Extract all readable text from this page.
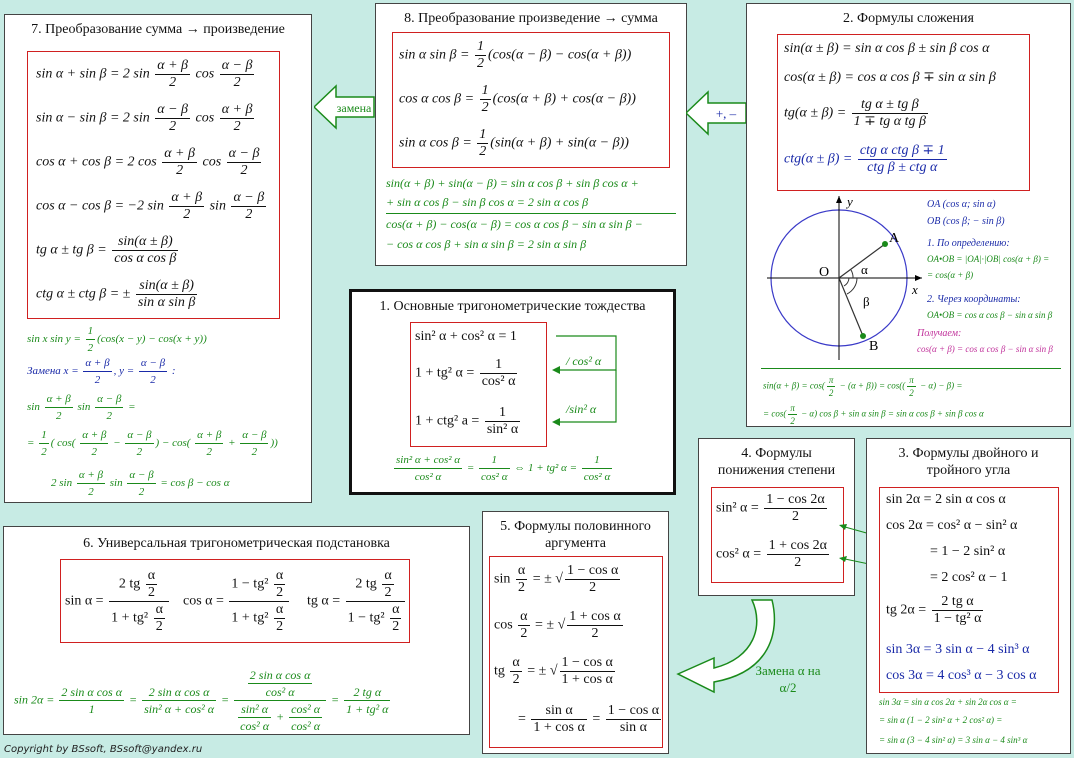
7. Преобразование сумма → произведение
sin α + sin β = 2 $\sin \frac{\alpha + \beta}{2}$ $\cos \frac{\alpha - \beta}{2}$
sin α − sin β = 2 $\sin \frac{\alpha - \beta}{2}$ $\cos \frac{\alpha + \beta}{2}$
cos α + cos β = 2 $\cos \frac{\alpha + \beta}{2}$ $\cos \frac{\alpha - \beta}{2}$
cos α − cos β = −2 $\sin \frac{\alpha + \beta}{2}$ $\sin \frac{\alpha - \beta}{2}$
tg α ± tg $\beta = \frac{\sin(\alpha \pm \beta)}{\text{cos α cos β}}$
ctg α ± ctg β = ± $\frac{\sin(\alpha \pm \beta)}{\text{sin α sin β}}$
sin x $\sin y = \frac{1}{2} (\cos(x - y) - \cos(x + y))$
Замена $x = \frac{\alpha + \beta}{2}$ , $y = \frac{\alpha - \beta}{2}$ :
$\sin \frac{\alpha + \beta}{2}$ $\sin \frac{\alpha - \beta}{2}$ =
= $\frac{1}{2}$ ( $\cos( \frac{\alpha + \beta}{2} - \frac{\alpha - \beta}{2}$ ) − $\cos( \frac{\alpha + \beta}{2} + \frac{\alpha - \beta}{2}$ ))
2 $\sin \frac{\alpha + \beta}{2}$ $\sin \frac{\alpha - \beta}{2} = \cos \beta - \cos \alpha$
замена
8. Преобразование произведение → сумма
sin α $\sin \beta = \frac{1}{2} (\cos(\alpha - \beta) - \cos(\alpha + \beta))$
cos α $\cos \beta = \frac{1}{2} (\cos(\alpha + \beta) + \cos(\alpha - \beta))$
sin α $\cos \beta = \frac{1}{2} (\sin(\alpha + \beta) + \sin(\alpha - \beta))$
sin(α + β) + sin(α − β) = sin α cos β + sin β cos α +
+ sin α cos β − sin β cos α = 2 sin α cos β
cos(α + β) − cos(α − β) = cos α cos β − sin α sin β −
− cos α cos β + sin α sin β = 2 sin α sin β
+, –
2. Формулы сложения
sin(α ± β) = sin α cos β ± sin β cos α
cos(α ± β) = cos α cos β ∓ sin α sin β
$tg(\alpha \pm \beta) = \frac{\text{tg α ± tg β}}{\text{1 ∓ tg α tg β}}$
$ctg(\alpha \pm \beta) = \frac{\text{ctg α ctg β ∓ 1}}{\text{ctg β ± ctg α}}$
y
x
O
A
B
α
β
OA (cos α; sin α)
OB (cos β; − sin β)
1. По определению:
OA•OB = |OA|·|OB| cos(α + β) =
= cos(α + β)
2. Через координаты:
OA•OB = cos α cos β − sin α sin β
Получаем:
cos(α + β) = cos α cos β − sin α sin β
$\sin(\alpha + \beta) = \cos( \frac{\pi}{2} - (\alpha + \beta)) = \cos(( \frac{\pi}{2} - \alpha) - \beta)$ =
= $\cos( \frac{\pi}{2} - \alpha)$ cos β + sin α sin β = sin α cos β + sin β cos α
1. Основные тригонометрические тождества
sin² α + cos² α = 1
1 + tg² $\alpha = \frac{1}{\text{cos² α}}$
1 + ctg² $a = \frac{1}{\text{sin² α}}$
/ cos² α
/sin² α
$\frac{\text{sin² α + cos² α}}{\text{cos² α}} = \frac{1}{\text{cos² α}}$ ⇔ 1 + tg² $\alpha = \frac{1}{\text{cos² α}}$	4. Формулы понижения степени
sin² $\alpha = \frac{1 - \cos 2\alpha}{2}$
cos² $\alpha = \frac{1 + \cos 2\alpha}{2}$
3. Формулы двойного и тройного угла
sin 2α = 2 sin α cos α
cos 2α = cos² α − sin² α
= 1 − 2 sin² α
= 2 cos² α − 1
tg $2\alpha = \frac{\text{2 tg α}}{\text{1 − tg² α}}$
sin 3α = 3 sin α − 4 sin³ α
cos 3α = 4 cos³ α − 3 cos α
sin 3α = sin α cos 2α + sin 2α cos α =
= sin α (1 − 2 sin² α + 2 cos² α) =
= sin α (3 − 4 sin² α) = 3 sin α − 4 sin³ α
6. Универсальная тригонометрическая подстановка
$\sin \alpha = \frac{2 tg \frac{\alpha}{2}}{1 + tg^2 \frac{\alpha}{2}}$ $\cos \alpha = \frac{1 - tg^2 \frac{\alpha}{2}}{1 + tg^2 \frac{\alpha}{2}}$ tg $\alpha = \frac{2 tg \frac{\alpha}{2}}{1 - tg^2 \frac{\alpha}{2}}$
$\sin 2\alpha = \frac{\text{2 sin α cos α}}{1} = \frac{\text{2 sin α cos α}}{\text{sin² α + cos² α}} = \frac{\frac{\text{2 sin α cos α}}{\text{cos² α}}}{\frac{\text{sin² α}}{\text{cos² α}} + \frac{\text{cos² α}}{\text{cos² α}}} = \frac{\text{2 tg α}}{\text{1 + tg² α}}$
5. Формулы половинного аргумента
$\sin \frac{\alpha}{2}$ = ± √ $\frac{\text{1 − cos α}}{2}$
$\cos \frac{\alpha}{2}$ = ± √ $\frac{\text{1 + cos α}}{2}$
tg $\frac{\alpha}{2}$ = ± √ $\frac{\text{1 − cos α}}{\text{1 + cos α}}$
= $\frac{\text{sin α}}{\text{1 + cos α}} = \frac{\text{1 − cos α}}{\text{sin α}}$
Замена α на α/2
Copyright by BSsoft, BSsoft@yandex.ru
